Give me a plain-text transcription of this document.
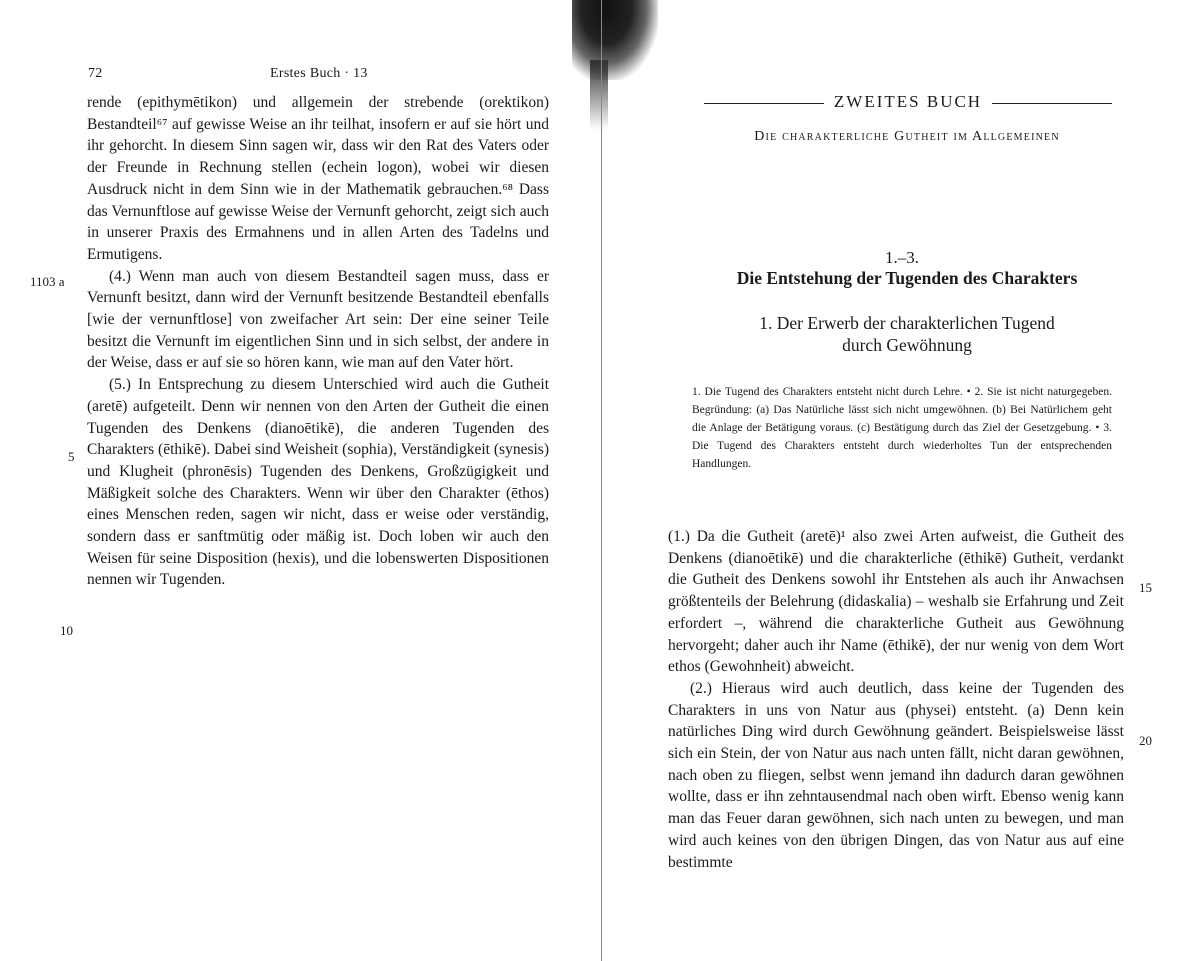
72	Erstes Buch · 13

rende (epithymētikon) und allgemein der strebende (orektikon) Bestandteil⁶⁷ auf gewisse Weise an ihr teilhat, insofern er auf sie hört und ihr gehorcht. In diesem Sinn sagen wir, dass wir den Rat des Vaters oder der Freunde in Rechnung stellen (echein logon), wobei wir diesen Ausdruck nicht in dem Sinn wie in der Mathematik gebrauchen.⁶⁸ Dass das Vernunftlose auf gewisse Weise der Vernunft gehorcht, zeigt sich auch in unserer Praxis des Ermahnens und in allen Arten des Tadelns und Ermutigens.

(4.) Wenn man auch von diesem Bestandteil sagen muss, dass er Vernunft besitzt, dann wird der Vernunft besitzende Bestandteil ebenfalls [wie der vernunftlose] von zweifacher Art sein: Der eine seiner Teile besitzt die Vernunft im eigentlichen Sinn und in sich selbst, der andere in der Weise, dass er auf sie so hören kann, wie man auf den Vater hört.

(5.) In Entsprechung zu diesem Unterschied wird auch die Gutheit (aretē) aufgeteilt. Denn wir nennen von den Arten der Gutheit die einen Tugenden des Denkens (dianoētikē), die anderen Tugenden des Charakters (ēthikē). Dabei sind Weisheit (sophia), Verständigkeit (synesis) und Klugheit (phronēsis) Tugenden des Denkens, Großzügigkeit und Mäßigkeit solche des Charakters. Wenn wir über den Charakter (ēthos) eines Menschen reden, sagen wir nicht, dass er weise oder verständig, sondern dass er sanftmütig oder mäßig ist. Doch loben wir auch den Weisen für seine Disposition (hexis), und die lobenswerten Dispositionen nennen wir Tugenden.

1103 a
5
10
ZWEITES BUCH
Die charakterliche Gutheit im Allgemeinen
1.–3.
Die Entstehung der Tugenden des Charakters
1. Der Erwerb der charakterlichen Tugend
durch Gewöhnung
1. Die Tugend des Charakters entsteht nicht durch Lehre. • 2. Sie ist nicht naturgegeben. Begründung: (a) Das Natürliche lässt sich nicht umgewöhnen. (b) Bei Natürlichem geht die Anlage der Betätigung voraus. (c) Bestätigung durch das Ziel der Gesetzgebung. • 3. Die Tugend des Charakters entsteht durch wiederholtes Tun der entsprechenden Handlungen.

(1.) Da die Gutheit (aretē)¹ also zwei Arten aufweist, die Gutheit des Denkens (dianoētikē) und die charakterliche (ēthikē) Gutheit, verdankt die Gutheit des Denkens sowohl ihr Entstehen als auch ihr Anwachsen größtenteils der Belehrung (didaskalia) – weshalb sie Erfahrung und Zeit erfordert –, während die charakterliche Gutheit aus Gewöhnung hervorgeht; daher auch ihr Name (ēthikē), der nur wenig von dem Wort ethos (Gewohnheit) abweicht.

(2.) Hieraus wird auch deutlich, dass keine der Tugenden des Charakters in uns von Natur aus (physei) entsteht. (a) Denn kein natürliches Ding wird durch Gewöhnung geändert. Beispielsweise lässt sich ein Stein, der von Natur aus nach unten fällt, nicht daran gewöhnen, nach oben zu fliegen, selbst wenn jemand ihn dadurch daran gewöhnen wollte, dass er ihn zehntausendmal nach oben wirft. Ebenso wenig kann man das Feuer daran gewöhnen, sich nach unten zu bewegen, und man wird auch keines von den übrigen Dingen, das von Natur aus auf eine bestimmte

15
20
